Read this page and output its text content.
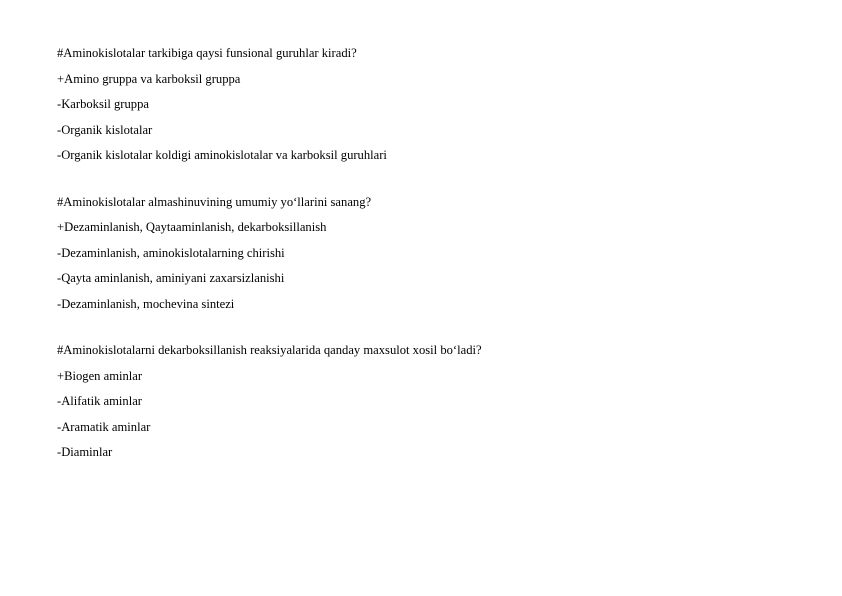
#Aminokislotalar tarkibiga qaysi funsional guruhlar kiradi?
+Amino gruppa va karboksil gruppa
-Karboksil gruppa
-Organik kislotalar
-Organik kislotalar koldigi aminokislotalar va karboksil guruhlari
#Aminokislotalar almashinuvining umumiy yo‘llarini sanang?
+Dezaminlanish, Qaytaaminlanish, dekarboksillanish
-Dezaminlanish, aminokislotalarning chirishi
-Qayta aminlanish, aminiyani zaxarsizlanishi
-Dezaminlanish, mochevina sintezi
#Aminokislotalarni dekarboksillanish reaksiyalarida qanday maxsulot xosil bo‘ladi?
+Biogen aminlar
-Alifatik aminlar
-Aramatik aminlar
-Diaminlar
